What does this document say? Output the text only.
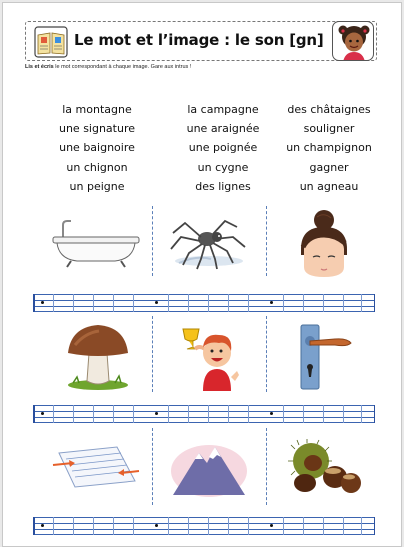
Le mot et l’image : le son [gn]
Lis et écris le mot correspondant à chaque image. Gare aux intrus !
la montagne	la campagne	des châtaignes
une signature	une araignée	souligner
une baignoire	une poignée	un champignon
un chignon	un cygne	gagner
un peigne	des lignes	un agneau
